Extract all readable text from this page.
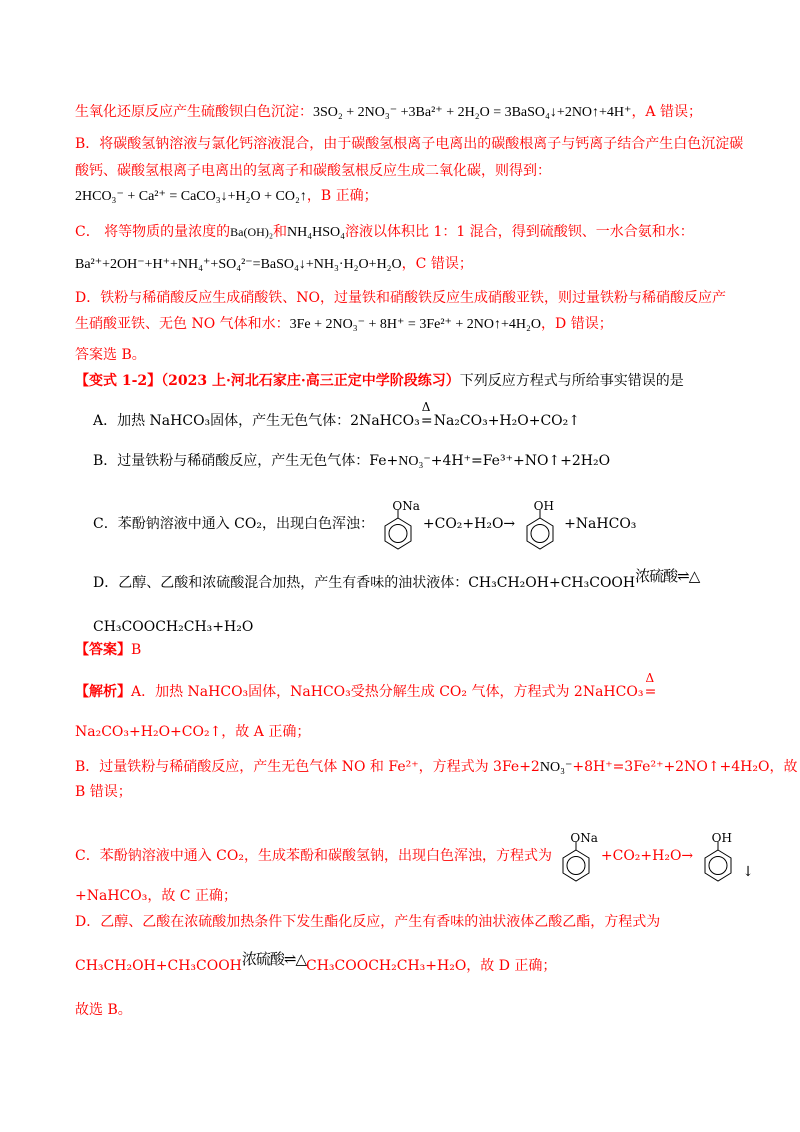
生氧化还原反应产生硫酸钡白色沉淀：3SO₂ + 2NO₃⁻ +3Ba²⁺ + 2H₂O = 3BaSO₄↓+2NO↑+4H⁺，A 错误；
B．将碳酸氢钠溶液与氯化钙溶液混合，由于碳酸氢根离子电离出的碳酸根离子与钙离子结合产生白色沉淀碳
酸钙、碳酸氢根离子电离出的氢离子和碳酸氢根反应生成二氧化碳，则得到：
2HCO₃⁻ + Ca²⁺ = CaCO₃↓+H₂O + CO₂↑，B 正确；
C． 将等物质的量浓度的Ba(OH)₂和NH₄HSO₄溶液以体积比 1：1 混合，得到硫酸钡、一水合氨和水：
Ba²⁺+2OH⁻+H⁺+NH₄⁺+SO₄²⁻=BaSO₄↓+NH₃·H₂O+H₂O，C 错误；
D．铁粉与稀硝酸反应生成硝酸铁、NO，过量铁和硝酸铁反应生成硝酸亚铁，则过量铁粉与稀硝酸反应产
生硝酸亚铁、无色 NO 气体和水：3Fe + 2NO₃⁻ + 8H⁺ = 3Fe²⁺ + 2NO↑+4H₂O，D 错误；
答案选 B。
【变式 1-2】（2023 上·河北石家庄·高三正定中学阶段练习）下列反应方程式与所给事实错误的是
A．加热 NaHCO₃固体，产生无色气体：2NaHCO₃
Δ
=Na₂CO₃+H₂O+CO₂↑
B．过量铁粉与稀硝酸反应，产生无色气体：Fe+NO₃⁻+4H⁺=Fe³⁺+NO↑+2H₂O
C．苯酚钠溶液中通入 CO₂，出现白色浑浊：
ONa
+CO₂+H₂O→
OH
+NaHCO₃
D．乙醇、乙酸和浓硫酸混合加热，产生有香味的油状液体：CH₃CH₂OH+CH₃COOH浓硫酸⇌△
CH₃COOCH₂CH₃+H₂O
【答案】B
【解析】A．加热 NaHCO₃固体，NaHCO₃受热分解生成 CO₂ 气体，方程式为 2NaHCO₃
Δ
=
Na₂CO₃+H₂O+CO₂↑，故 A 正确；
B．过量铁粉与稀硝酸反应，产生无色气体 NO 和 Fe²⁺，方程式为 3Fe+2NO₃⁻+8H⁺=3Fe²⁺+2NO↑+4H₂O，故
B 错误；
C．苯酚钠溶液中通入 CO₂，生成苯酚和碳酸氢钠，出现白色浑浊，方程式为
ONa
+CO₂+H₂O→
OH
↓
+NaHCO₃，故 C 正确；
D．乙醇、乙酸在浓硫酸加热条件下发生酯化反应，产生有香味的油状液体乙酸乙酯，方程式为
CH₃CH₂OH+CH₃COOH浓硫酸⇌△CH₃COOCH₂CH₃+H₂O，故 D 正确；
故选 B。
